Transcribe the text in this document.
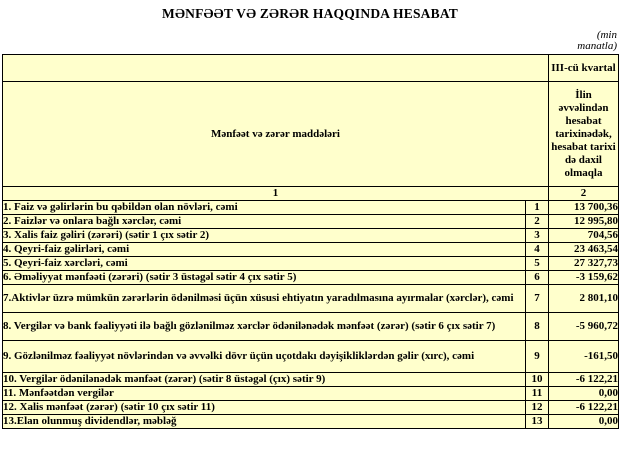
MƏNFƏƏT VƏ ZƏRƏR HAQQINDA HESABAT
(min manatla)
		III-cü kvartal
Mənfəət və zərər maddələri		İlin əvvəlindən hesabat tarixinədək, hesabat tarixi də daxil olmaqla
1		2
1. Faiz və gəlirlərin bu qəbildən olan növləri, cəmi	1	13 700,36
2. Faizlər və onlara bağlı xərclər, cəmi	2	12 995,80
3. Xalis faiz gəliri (zərəri) (sətir 1 çıx sətir 2)	3	704,56
4. Qeyri-faiz gəlirləri, cəmi	4	23 463,54
5. Qeyri-faiz xərcləri, cəmi	5	27 327,73
6. Əməliyyat mənfəəti (zərəri) (sətir 3 üstəgəl sətir 4 çıx sətir 5)	6	-3 159,62
7.Aktivlər üzrə mümkün zərərlərin ödənilməsi üçün xüsusi ehtiyatın yaradılmasına ayırmalar (xərclər), cəmi	7	2 801,10
8. Vergilər və bank fəaliyyəti ilə bağlı gözlənilməz xərclər ödənilənədək mənfəət (zərər) (sətir 6 çıx sətir 7)	8	-5 960,72
9. Gözlənilməz fəaliyyət növlərindən və əvvəlki dövr üçün uçotdakı dəyişikliklərdən gəlir (xırc), cəmi	9	-161,50
10. Vergilər ödənilənədək mənfəət (zərər) (sətir 8 üstəgəl (çıx) sətir 9)	10	-6 122,21
11. Mənfəətdən vergilər	11	0,00
12. Xalis mənfəət (zərər) (sətir 10 çıx sətir 11)	12	-6 122,21
13.Elan olunmuş dividendlər, məbləğ	13	0,00
